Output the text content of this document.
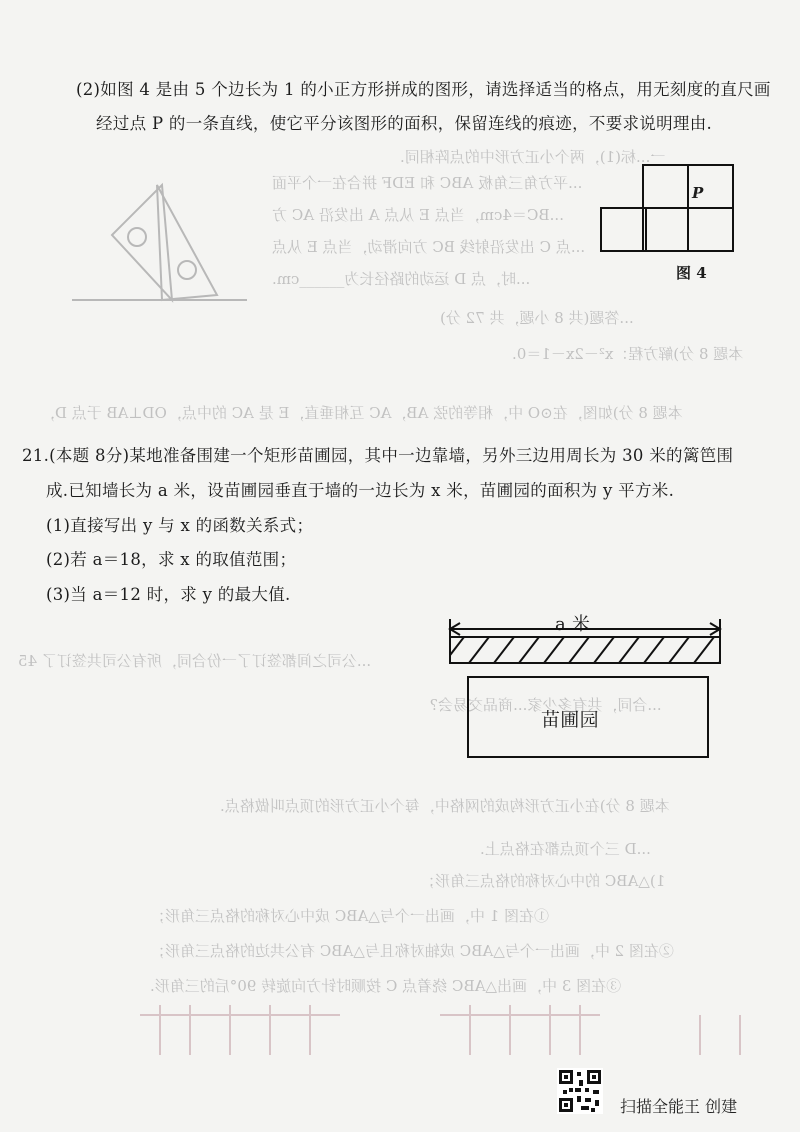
一...标(1)，两个小正方形中的点阵相同.
...平方角三角板 ABC 和 EDF 拼合在一个平面
...BC＝4cm，当点 E 从点 A 出发沿 AC 方
...点 C 出发沿射线 BC 方向滑动，当点 E 从点
...时，点 D 运动的路径长为______cm.
...答题(共 8 小题，共 72 分)
本题 8 分)解方程：x²－2x－1＝0.
本题 8 分)如图，在⊙O 中，相等的弦 AB，AC 互相垂直，E 是 AC 的中点，OD⊥AB 于点 D，
...公司之间都签订了一份合同，所有公司共签订了 45
...合同，共有多少家...商品交易会?
本题 8 分)在小正方形构成的网格中，每个小正方形的顶点叫做格点.
...D 三个顶点都在格点上.
1)△ABC 的中心对称的格点三角形；
①在图 1 中，画出一个与△ABC 成中心对称的格点三角形；
②在图 2 中，画出一个与△ABC 成轴对称且与△ABC 有公共边的格点三角形；
③在图 3 中，画出△ABC 绕着点 C 按顺时针方向旋转 90°后的三角形.
(2)如图 4 是由 5 个边长为 1 的小正方形拼成的图形，请选择适当的格点，用无刻度的直尺画
经过点 P 的一条直线，使它平分该图形的面积，保留连线的痕迹，不要求说明理由.
P
图 4
21.(本题 8分)某地准备围建一个矩形苗圃园，其中一边靠墙，另外三边用周长为 30 米的篱笆围
成.已知墙长为 a 米，设苗圃园垂直于墙的一边长为 x 米，苗圃园的面积为 y 平方米.
(1)直接写出 y 与 x 的函数关系式；
(2)若 a＝18，求 x 的取值范围；
(3)当 a＝12 时，求 y 的最大值.
a 米
苗圃园
扫描全能王 创建
